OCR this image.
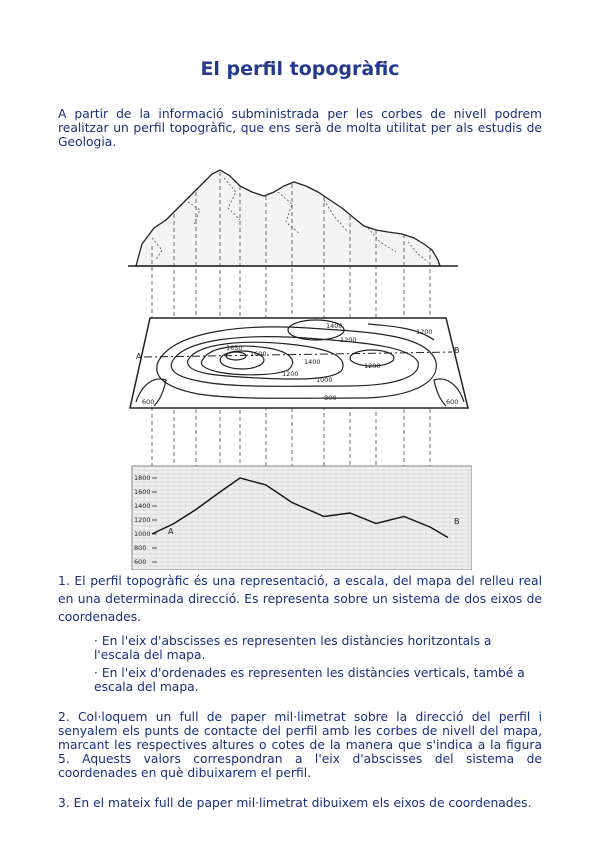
El perfil topogràfic

A partir de la informació subministrada per les corbes de nivell podrem realitzar un perfil topogràfic, que ens serà de molta utilitat per als estudis de Geologia.

A
B
1650
1600
1400
1400
1200
1200
1200
1200
1000
800
600	600
1800
1600
1400
1200
1000
800
600
A
B

1. El perfil topogràfic és una representació, a escala, del mapa del relleu real en una determinada direcció. Es representa sobre un sistema de dos eixos de coordenades.

· En l'eix d'abscisses es representen les distàncies horitzontals a l'escala del mapa.

· En l'eix d'ordenades es representen les distàncies verticals, també a escala del mapa.

2. Col·loquem un full de paper mil·limetrat sobre la direcció del perfil i senyalem els punts de contacte del perfil amb les corbes de nivell del mapa, marcant les respectives altures o cotes de la manera que s'indica a la figura 5. Aquests valors correspondran a l'eix d'abscisses del sistema de coordenades en què dibuixarem el perfil.

3. En el mateix full de paper mil·limetrat dibuixem els eixos de coordenades.
